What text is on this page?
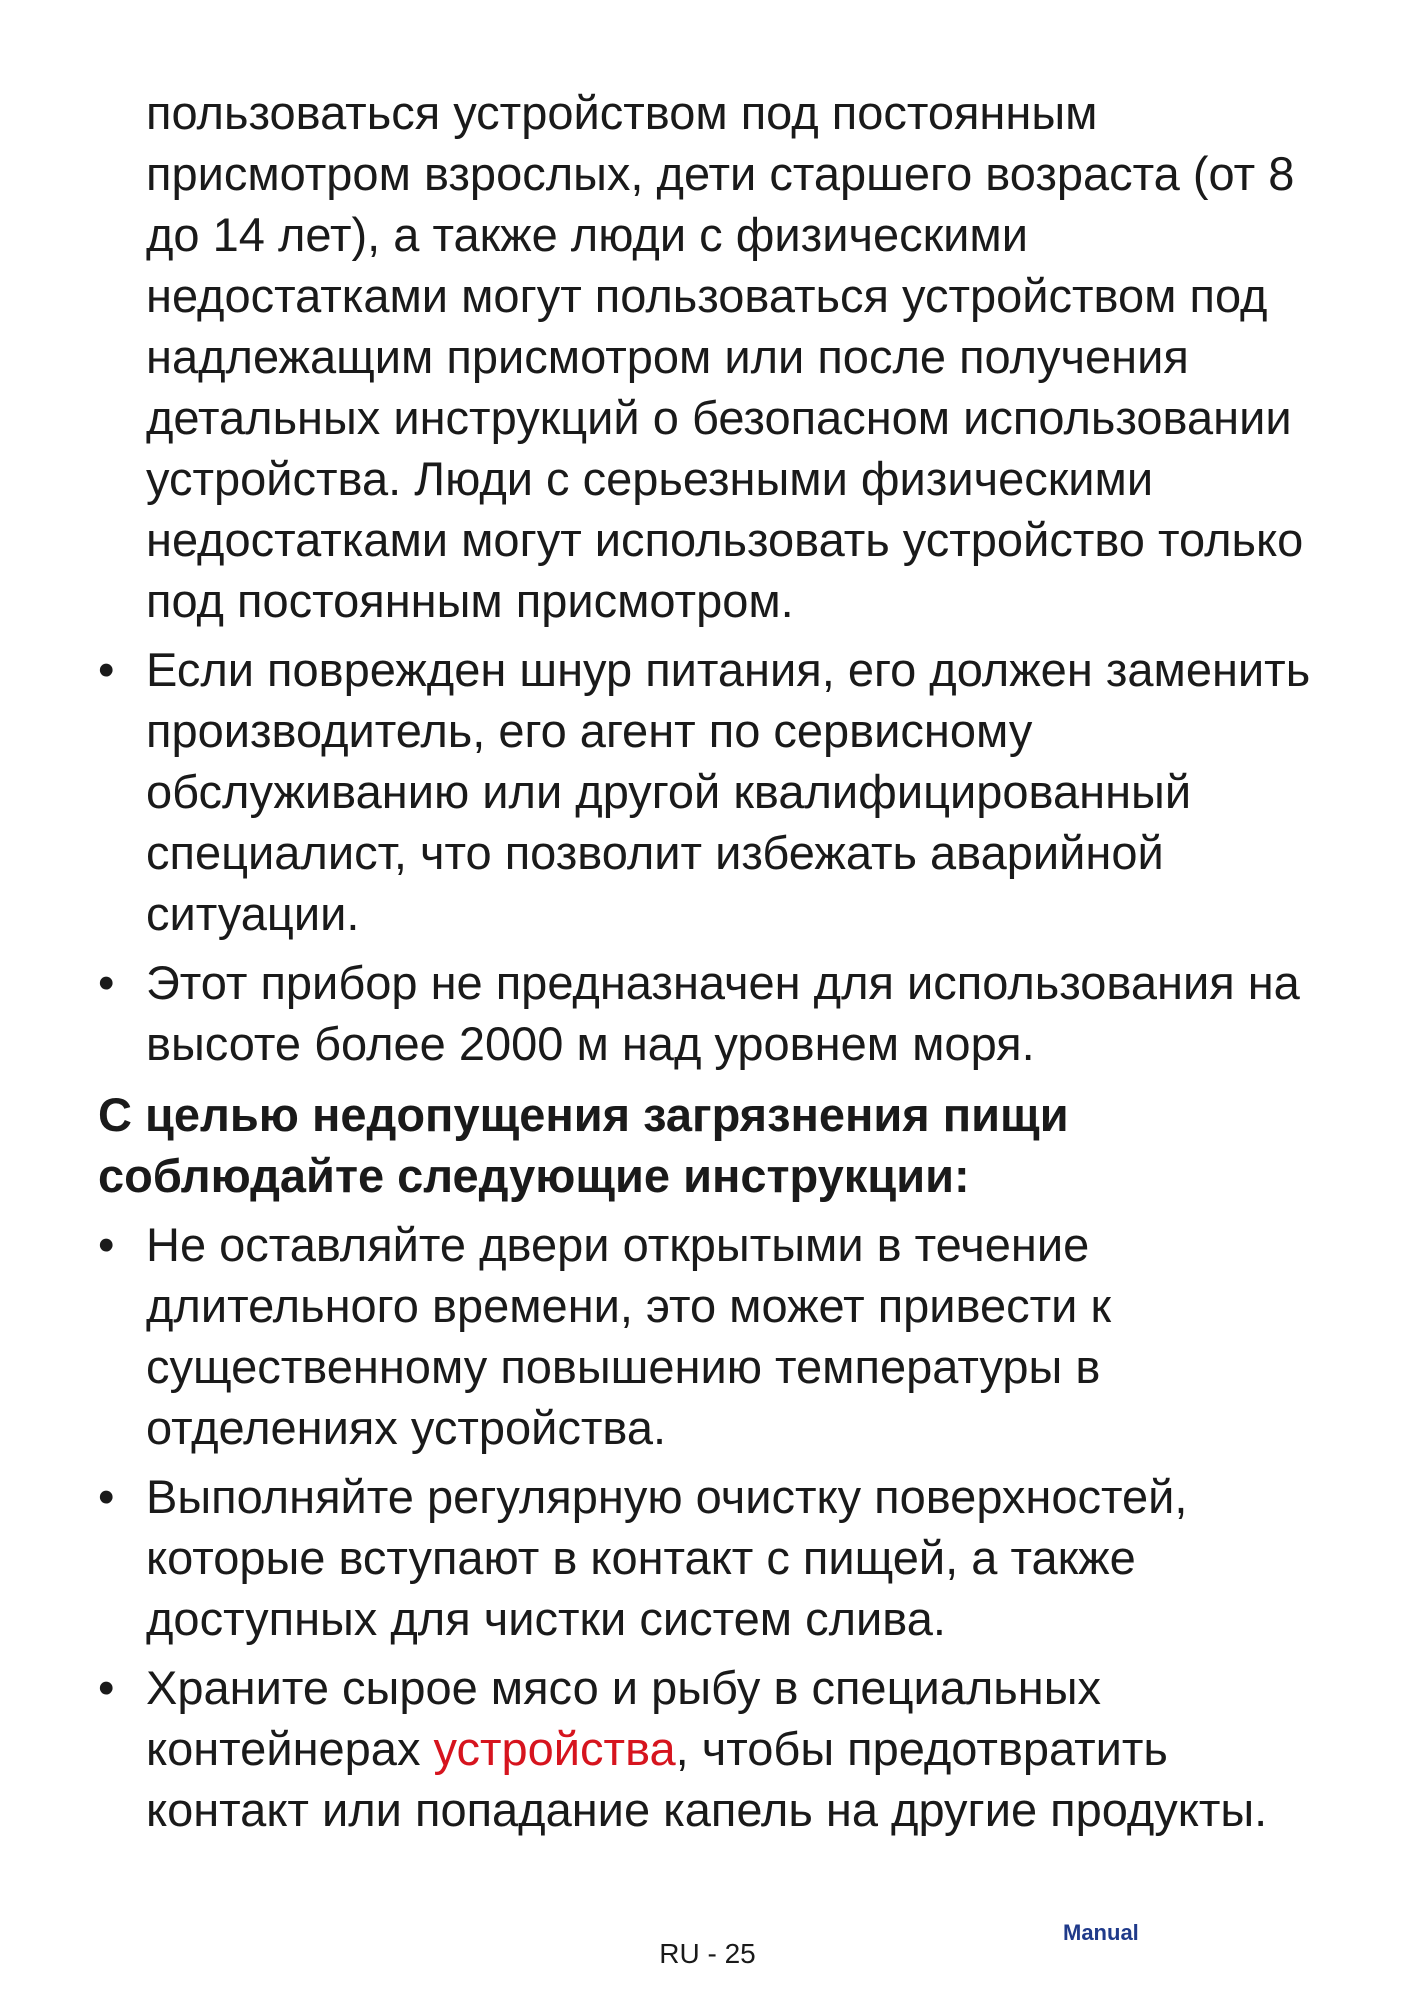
пользоваться устройством под постоянным присмотром взрослых, дети старшего возраста (от 8 до 14 лет), а также люди с физическими недостатками могут пользоваться устройством под надлежащим присмотром или после получения детальных инструкций о безопасном использовании устройства. Люди с серьезными физическими недостатками могут использовать устройство только под постоянным присмотром.

• Если поврежден шнур питания, его должен заменить производитель, его агент по сервисному обслуживанию или другой квалифицированный специалист, что позволит избежать аварийной ситуации.
• Этот прибор не предназначен для использования на высоте более 2000 м над уровнем моря.
С целью недопущения загрязнения пищи соблюдайте следующие инструкции:
• Не оставляйте двери открытыми в течение длительного времени, это может привести к существенному повышению температуры в отделениях устройства.
• Выполняйте регулярную очистку поверхностей, которые вступают в контакт с пищей, а также доступных для чистки систем слива.
• Храните сырое мясо и рыбу в специальных контейнерах устройства, чтобы предотвратить контакт или попадание капель на другие продукты.
Manual
RU - 25
